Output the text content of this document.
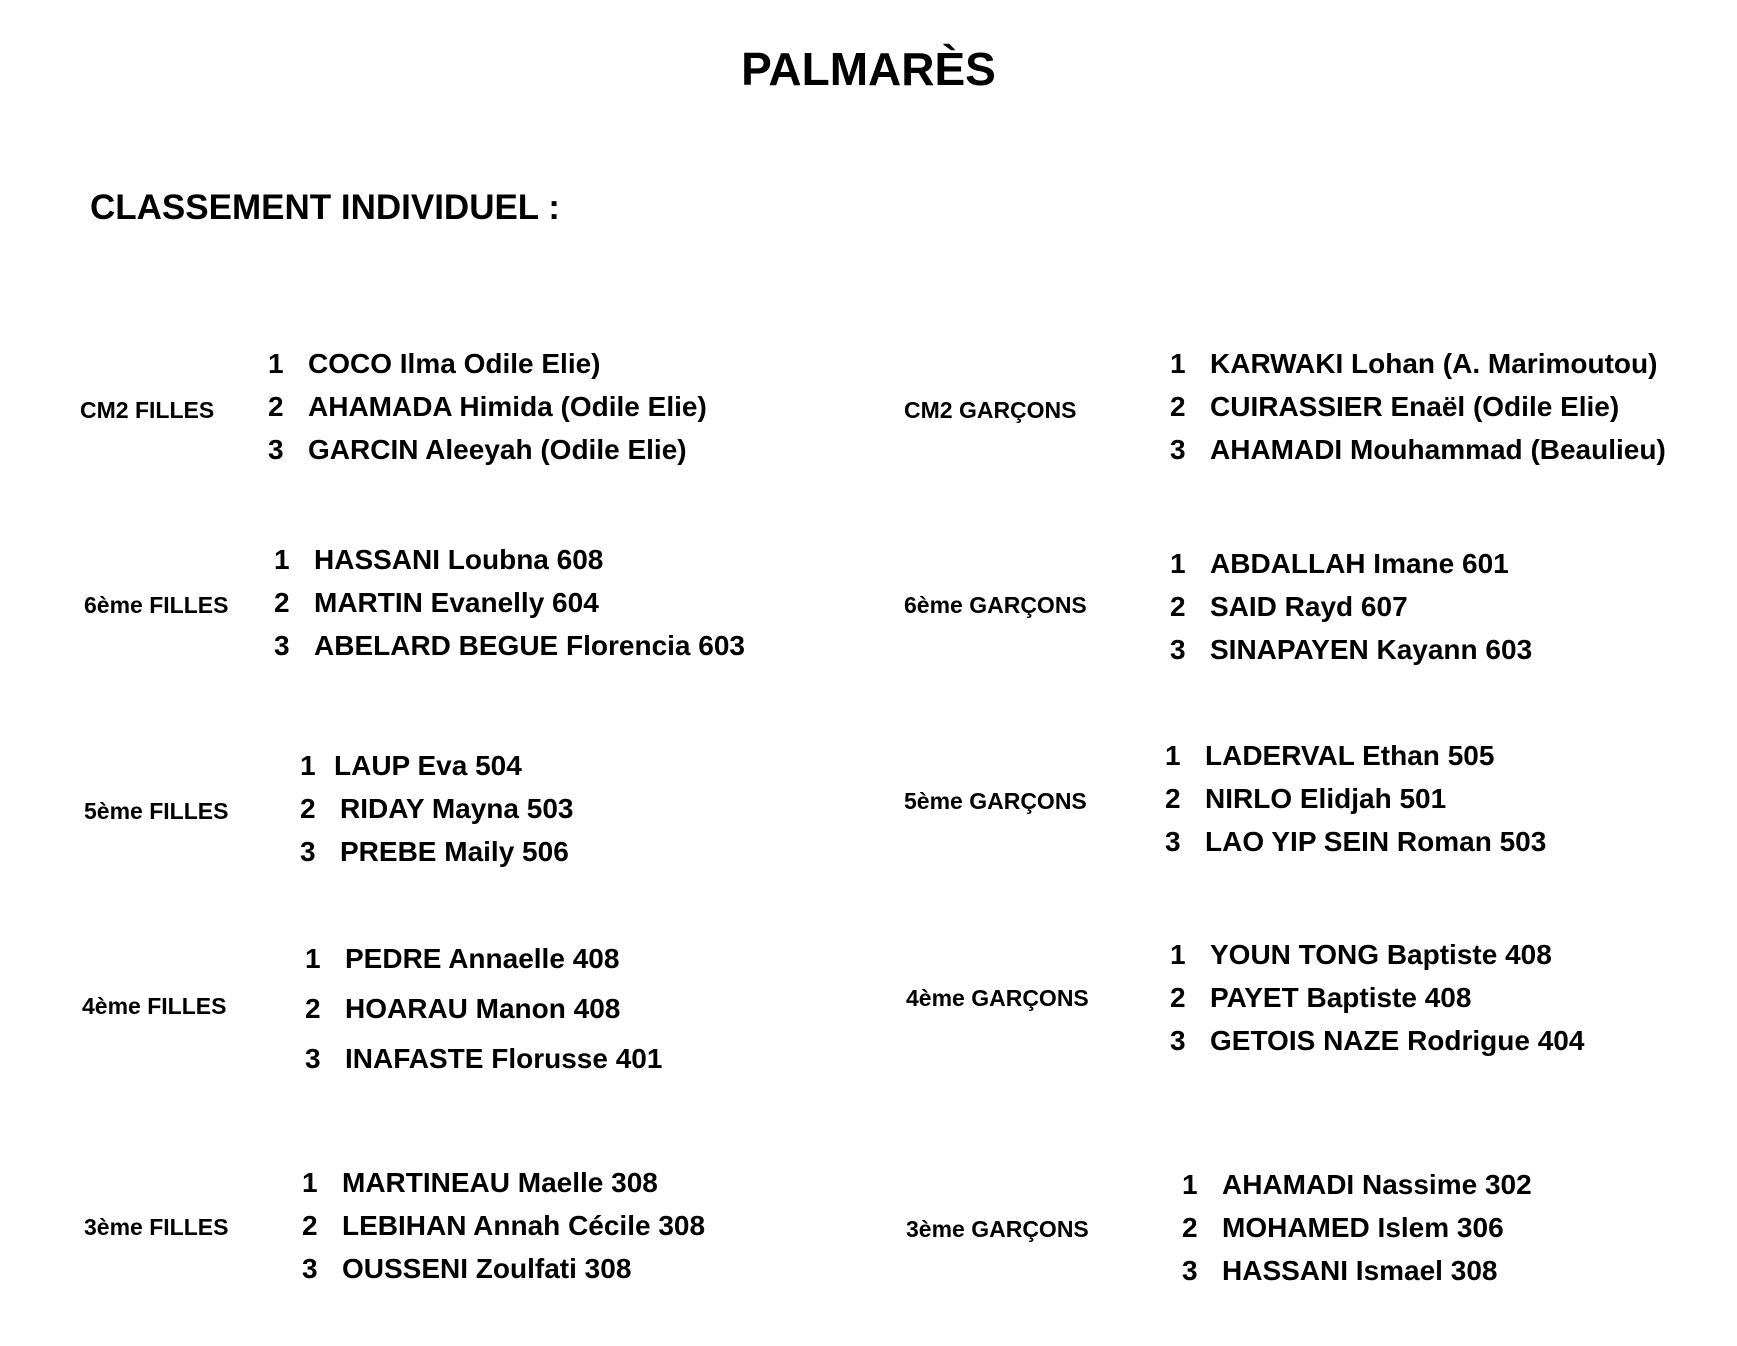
PALMARÈS
CLASSEMENT INDIVIDUEL :
CM2 FILLES
1 COCO Ilma Odile Elie)
2 AHAMADA Himida (Odile Elie)
3 GARCIN Aleeyah (Odile Elie)
CM2 GARÇONS
1 KARWAKI Lohan (A. Marimoutou)
2 CUIRASSIER Enaël (Odile Elie)
3 AHAMADI Mouhammad (Beaulieu)
6ème FILLES
1 HASSANI Loubna 608
2 MARTIN Evanelly 604
3 ABELARD BEGUE Florencia 603
6ème GARÇONS
1 ABDALLAH Imane 601
2 SAID Rayd 607
3 SINAPAYEN Kayann 603
5ème FILLES
1 LAUP Eva 504
2 RIDAY Mayna 503
3 PREBE Maily 506
5ème GARÇONS
1 LADERVAL Ethan 505
2 NIRLO Elidjah 501
3 LAO YIP SEIN Roman 503
4ème FILLES
1 PEDRE Annaelle 408
2 HOARAU Manon 408
3 INAFASTE Florusse 401
4ème GARÇONS
1 YOUN TONG Baptiste 408
2 PAYET Baptiste 408
3 GETOIS NAZE Rodrigue 404
3ème FILLES
1 MARTINEAU Maelle 308
2 LEBIHAN Annah Cécile 308
3 OUSSENI Zoulfati 308
3ème GARÇONS
1 AHAMADI Nassime 302
2 MOHAMED Islem 306
3 HASSANI Ismael 308
